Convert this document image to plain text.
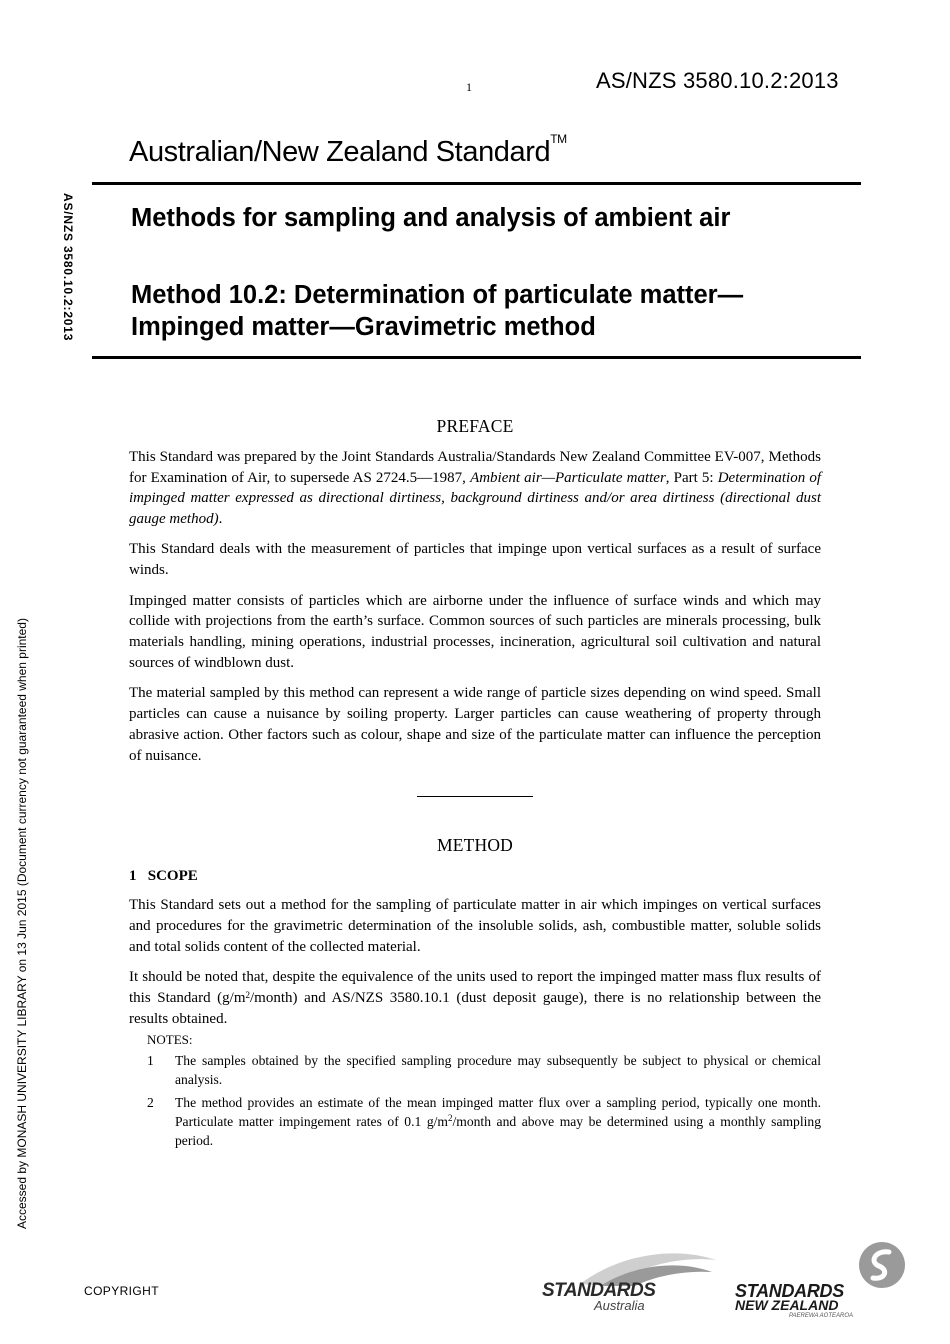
1	AS/NZS 3580.10.2:2013
Australian/New Zealand Standard™
AS/NZS 3580.10.2:2013
Accessed by MONASH UNIVERSITY LIBRARY on 13 Jun 2015 (Document currency not guaranteed when printed)
Methods for sampling and analysis of ambient air
Method 10.2: Determination of particulate matter—Impinged matter—Gravimetric method
PREFACE

This Standard was prepared by the Joint Standards Australia/Standards New Zealand Committee EV-007, Methods for Examination of Air, to supersede AS 2724.5—1987, Ambient air—Particulate matter, Part 5: Determination of impinged matter expressed as directional dirtiness, background dirtiness and/or area dirtiness (directional dust gauge method).

This Standard deals with the measurement of particles that impinge upon vertical surfaces as a result of surface winds.

Impinged matter consists of particles which are airborne under the influence of surface winds and which may collide with projections from the earth’s surface. Common sources of such particles are minerals processing, bulk materials handling, mining operations, industrial processes, incineration, agricultural soil cultivation and natural sources of windblown dust.

The material sampled by this method can represent a wide range of particle sizes depending on wind speed. Small particles can cause a nuisance by soiling property. Larger particles can cause weathering of property through abrasive action. Other factors such as colour, shape and size of the particulate matter can influence the perception of nuisance.

METHOD
1 SCOPE

This Standard sets out a method for the sampling of particulate matter in air which impinges on vertical surfaces and procedures for the gravimetric determination of the insoluble solids, ash, combustible matter, soluble solids and total solids content of the collected material.

It should be noted that, despite the equivalence of the units used to report the impinged matter mass flux results of this Standard $(g/m^2/month)$ and AS/NZS 3580.10.1 (dust deposit gauge), there is no relationship between the results obtained.

NOTES:
1	The samples obtained by the specified sampling procedure may subsequently be subject to physical or chemical analysis.
2	The method provides an estimate of the mean impinged matter flux over a sampling period, typically one month. Particulate matter impingement rates of 0.1 $g/m^2$/month and above may be determined using a monthly sampling period.
COPYRIGHT	STANDARDS
Australia
STANDARDS
NEW ZEALAND
PAEREWA AOTEAROA
